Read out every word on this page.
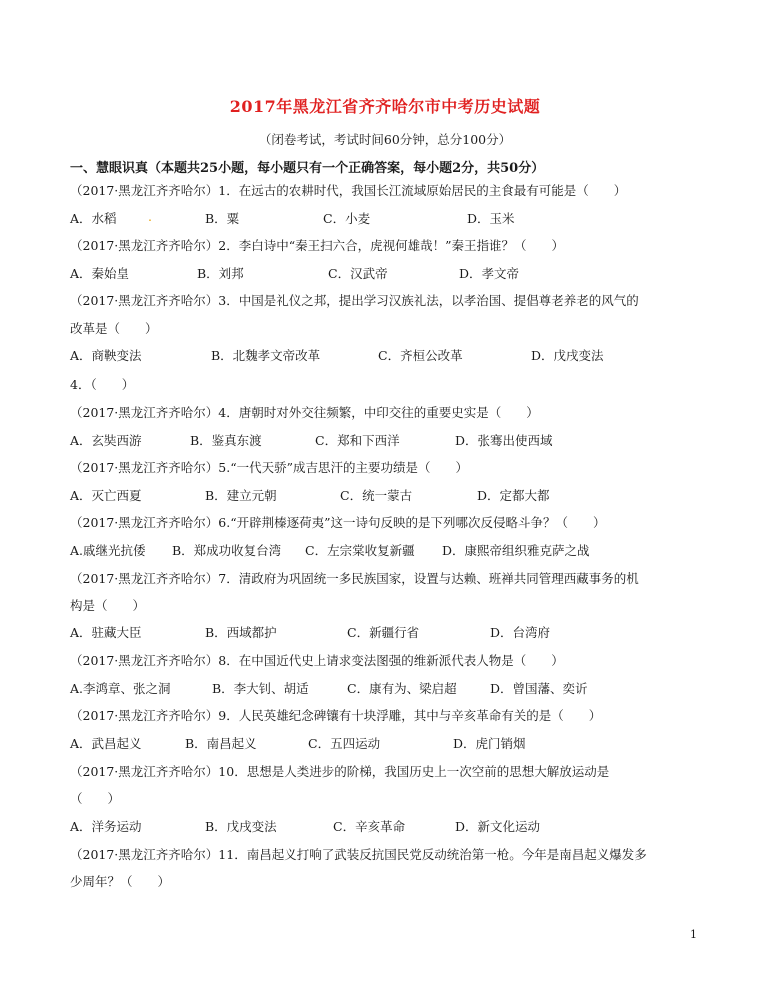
2017年黑龙江省齐齐哈尔市中考历史试题
（闭卷考试，考试时间60分钟，总分100分）
一、慧眼识真（本题共25小题，每小题只有一个正确答案，每小题2分，共50分）
（2017·黑龙江齐齐哈尔）1．在远古的农耕时代，我国长江流域原始居民的主食最有可能是（　　）
A．水稻	.	B．粟	C．小麦	D．玉米
（2017·黑龙江齐齐哈尔）2．李白诗中“秦王扫六合，虎视何雄哉！”秦王指谁？（　　）
A．秦始皇	B．刘邦	C．汉武帝	D．孝文帝
（2017·黑龙江齐齐哈尔）3．中国是礼仪之邦，提出学习汉族礼法，以孝治国、提倡尊老养老的风气的
改革是（　　）
A．商鞅变法	B．北魏孝文帝改革	C．齐桓公改革	D．戊戌变法
4．（　　）
（2017·黑龙江齐齐哈尔）4．唐朝时对外交往频繁，中印交往的重要史实是（　　）
A．玄奘西游	B．鉴真东渡	C．郑和下西洋	D．张骞出使西域
（2017·黑龙江齐齐哈尔）5.“一代天骄”成吉思汗的主要功绩是（　　）
A．灭亡西夏	B．建立元朝	C．统一蒙古	D．定都大都
（2017·黑龙江齐齐哈尔）6.“开辟荆榛逐荷夷”这一诗句反映的是下列哪次反侵略斗争？（　　）
A.戚继光抗倭 B．郑成功收复台湾 C．左宗棠收复新疆 D．康熙帝组织雅克萨之战
（2017·黑龙江齐齐哈尔）7．清政府为巩固统一多民族国家，设置与达赖、班禅共同管理西藏事务的机
构是（　　）
A．驻藏大臣	B．西域都护	C．新疆行省	D．台湾府
（2017·黑龙江齐齐哈尔）8．在中国近代史上请求变法图强的维新派代表人物是（　　）
A.李鸿章、张之洞	B．李大钊、胡适	C．康有为、梁启超	D．曾国藩、奕䜣
（2017·黑龙江齐齐哈尔）9．人民英雄纪念碑镶有十块浮雕，其中与辛亥革命有关的是（　　）
A．武昌起义	B．南昌起义	C．五四运动	D．虎门销烟
（2017·黑龙江齐齐哈尔）10．思想是人类进步的阶梯，我国历史上一次空前的思想大解放运动是
（　　）
A．洋务运动	B．戊戌变法	C．辛亥革命	D．新文化运动
（2017·黑龙江齐齐哈尔）11．南昌起义打响了武装反抗国民党反动统治第一枪。今年是南昌起义爆发多
少周年？（　　）
1
